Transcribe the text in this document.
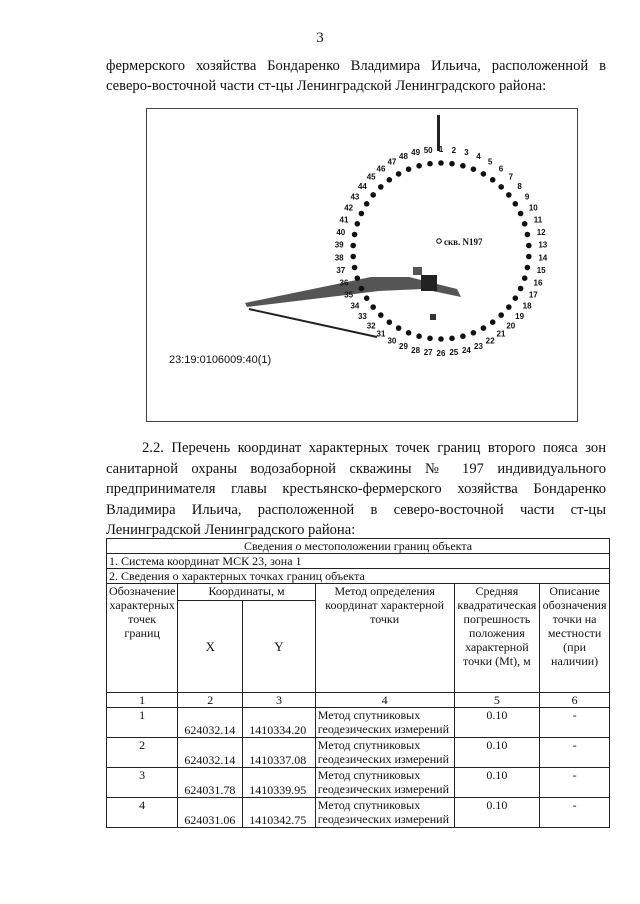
3
фермерского хозяйства Бондаренко Владимира Ильича, расположенной в северо-восточной части ст-цы Ленинградской Ленинградского района:
скв. N197
23:19:0106009:40(1)
1 2 3 4
5
6
7
8
9
10
11
12
13
14
15
16
17
18
19
20
21
22
23
24
25
26
27
28
29
30
31
32
33
34
35
36
37
38
39
40
41
42
43
44
45
46
47
48 49 50
2.2. Перечень координат характерных точек границ второго пояса зон санитарной охраны водозаборной скважины № 197 индивидуального предпринимателя главы крестьянско-фермерского хозяйства Бондаренко Владимира Ильича, расположенной в северо-восточной части ст-цы Ленинградской Ленинградского района:
Сведения о местоположении границ объекта					
1. Система координат МСК 23, зона 1					
2. Сведения о характерных точках границ объекта					
Обозначение характерных точек границ	Координаты, м		Метод определения координат характерной точки	Средняя квадратическая погрешность положения характерной точки (Mt), м	Описание обозначения точки на местности (при наличии)
	X	Y			
1	2	3	4	5	6
1	624032.14	1410334.20	Метод спутниковых геодезических измерений	0.10	-
2	624032.14	1410337.08	Метод спутниковых геодезических измерений	0.10	-
3	624031.78	1410339.95	Метод спутниковых геодезических измерений	0.10	-
4	624031.06	1410342.75	Метод спутниковых геодезических измерений	0.10	-
